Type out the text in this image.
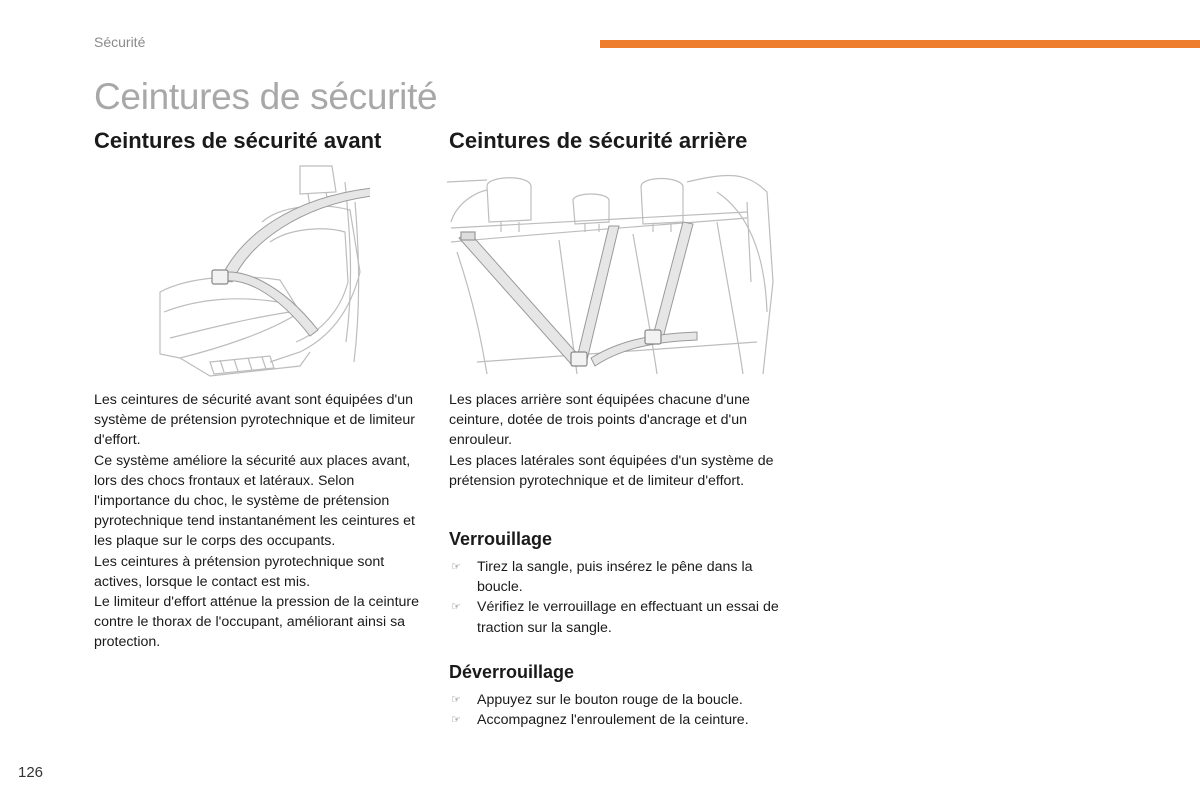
Sécurité
Ceintures de sécurité
Ceintures de sécurité avant	Ceintures de sécurité arrière

Les ceintures de sécurité avant sont équipées d'un système de prétension pyrotechnique et de limiteur d'effort.

Ce système améliore la sécurité aux places avant, lors des chocs frontaux et latéraux. Selon l'importance du choc, le système de prétension pyrotechnique tend instantanément les ceintures et les plaque sur le corps des occupants.

Les ceintures à prétension pyrotechnique sont actives, lorsque le contact est mis.

Le limiteur d'effort atténue la pression de la ceinture contre le thorax de l'occupant, améliorant ainsi sa protection.

Les places arrière sont équipées chacune d'une ceinture, dotée de trois points d'ancrage et d'un enrouleur.

Les places latérales sont équipées d'un système de prétension pyrotechnique et de limiteur d'effort.

Verrouillage
☞ Tirez la sangle, puis insérez le pêne dans la boucle.
☞ Vérifiez le verrouillage en effectuant un essai de traction sur la sangle.
Déverrouillage
☞ Appuyez sur le bouton rouge de la boucle.
☞ Accompagnez l'enroulement de la ceinture.
126
